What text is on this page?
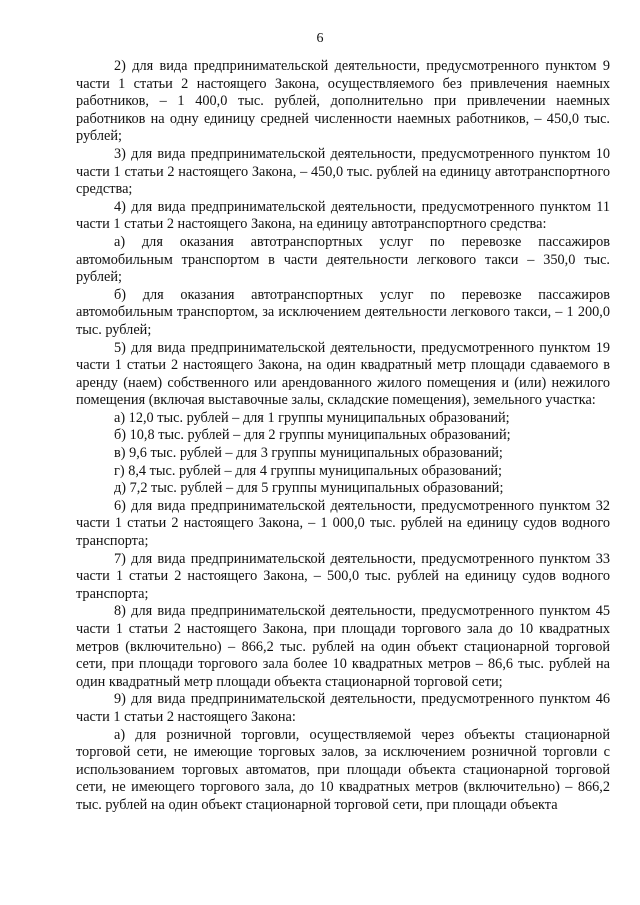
6

2) для вида предпринимательской деятельности, предусмотренного пунктом 9 части 1 статьи 2 настоящего Закона, осуществляемого без привлечения наемных работников, – 1 400,0 тыс. рублей, дополнительно при привлечении наемных работников на одну единицу средней численности наемных работников, – 450,0 тыс. рублей;

3) для вида предпринимательской деятельности, предусмотренного пунктом 10 части 1 статьи 2 настоящего Закона, – 450,0 тыс. рублей на единицу автотранспортного средства;

4) для вида предпринимательской деятельности, предусмотренного пунктом 11 части 1 статьи 2 настоящего Закона, на единицу автотранспортного средства:

а) для оказания автотранспортных услуг по перевозке пассажиров автомобильным транспортом в части деятельности легкового такси – 350,0 тыс. рублей;

б) для оказания автотранспортных услуг по перевозке пассажиров автомобильным транспортом, за исключением деятельности легкового такси, – 1 200,0 тыс. рублей;

5) для вида предпринимательской деятельности, предусмотренного пунктом 19 части 1 статьи 2 настоящего Закона, на один квадратный метр площади сдаваемого в аренду (наем) собственного или арендованного жилого помещения и (или) нежилого помещения (включая выставочные залы, складские помещения), земельного участка:

а) 12,0 тыс. рублей – для 1 группы муниципальных образований;

б) 10,8 тыс. рублей – для 2 группы муниципальных образований;

в) 9,6 тыс. рублей – для 3 группы муниципальных образований;

г) 8,4 тыс. рублей – для 4 группы муниципальных образований;

д) 7,2 тыс. рублей – для 5 группы муниципальных образований;

6) для вида предпринимательской деятельности, предусмотренного пунктом 32 части 1 статьи 2 настоящего Закона, – 1 000,0 тыс. рублей на единицу судов водного транспорта;

7) для вида предпринимательской деятельности, предусмотренного пунктом 33 части 1 статьи 2 настоящего Закона, – 500,0 тыс. рублей на единицу судов водного транспорта;

8) для вида предпринимательской деятельности, предусмотренного пунктом 45 части 1 статьи 2 настоящего Закона, при площади торгового зала до 10 квадратных метров (включительно) – 866,2 тыс. рублей на один объект стационарной торговой сети, при площади торгового зала более 10 квадратных метров – 86,6 тыс. рублей на один квадратный метр площади объекта стационарной торговой сети;

9) для вида предпринимательской деятельности, предусмотренного пунктом 46 части 1 статьи 2 настоящего Закона:

а) для розничной торговли, осуществляемой через объекты стационарной торговой сети, не имеющие торговых залов, за исключением розничной торговли с использованием торговых автоматов, при площади объекта стационарной торговой сети, не имеющего торгового зала, до 10 квадратных метров (включительно) – 866,2 тыс. рублей на один объект стационарной торговой сети, при площади объекта
